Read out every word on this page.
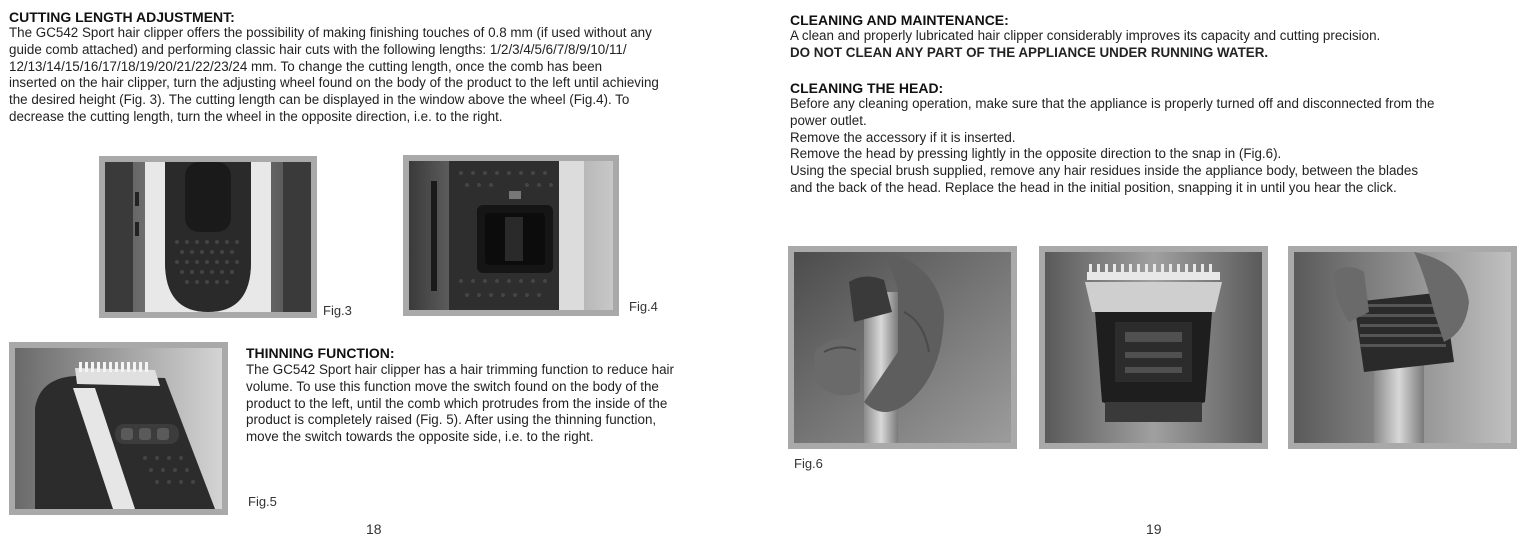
CUTTING LENGTH ADJUSTMENT:
The GC542 Sport hair clipper offers the possibility of making finishing touches of 0.8 mm (if used without any
guide comb attached) and performing classic hair cuts with the following lengths: 1/2/3/4/5/6/7/8/9/10/11/
12/13/14/15/16/17/18/19/20/21/22/23/24 mm. To change the cutting length, once the comb has been
inserted on the hair clipper, turn the adjusting wheel found on the body of the product to the left until achieving
the desired height (Fig. 3). The cutting length can be displayed in the window above the wheel (Fig.4). To
decrease the cutting length, turn the wheel in the opposite direction, i.e. to the right.
Fig.3	Fig.4
THINNING FUNCTION:
The GC542 Sport hair clipper has a hair trimming function to reduce hair
volume. To use this function move the switch found on the body of the
product to the left, until the comb which protrudes from the inside of the
product is completely raised (Fig. 5). After using the thinning function,
move the switch towards the opposite side, i.e. to the right.
Fig.5
18
CLEANING AND MAINTENANCE:
A clean and properly lubricated hair clipper considerably improves its capacity and cutting precision.
DO NOT CLEAN ANY PART OF THE APPLIANCE UNDER RUNNING WATER.
CLEANING THE HEAD:
Before any cleaning operation, make sure that the appliance is properly turned off and disconnected from the
power outlet.
Remove the accessory if it is inserted.
Remove the head by pressing lightly in the opposite direction to the snap in (Fig.6).
Using the special brush supplied, remove any hair residues inside the appliance body, between the blades
and the back of the head. Replace the head in the initial position, snapping it in until you hear the click.
Fig.6
19
